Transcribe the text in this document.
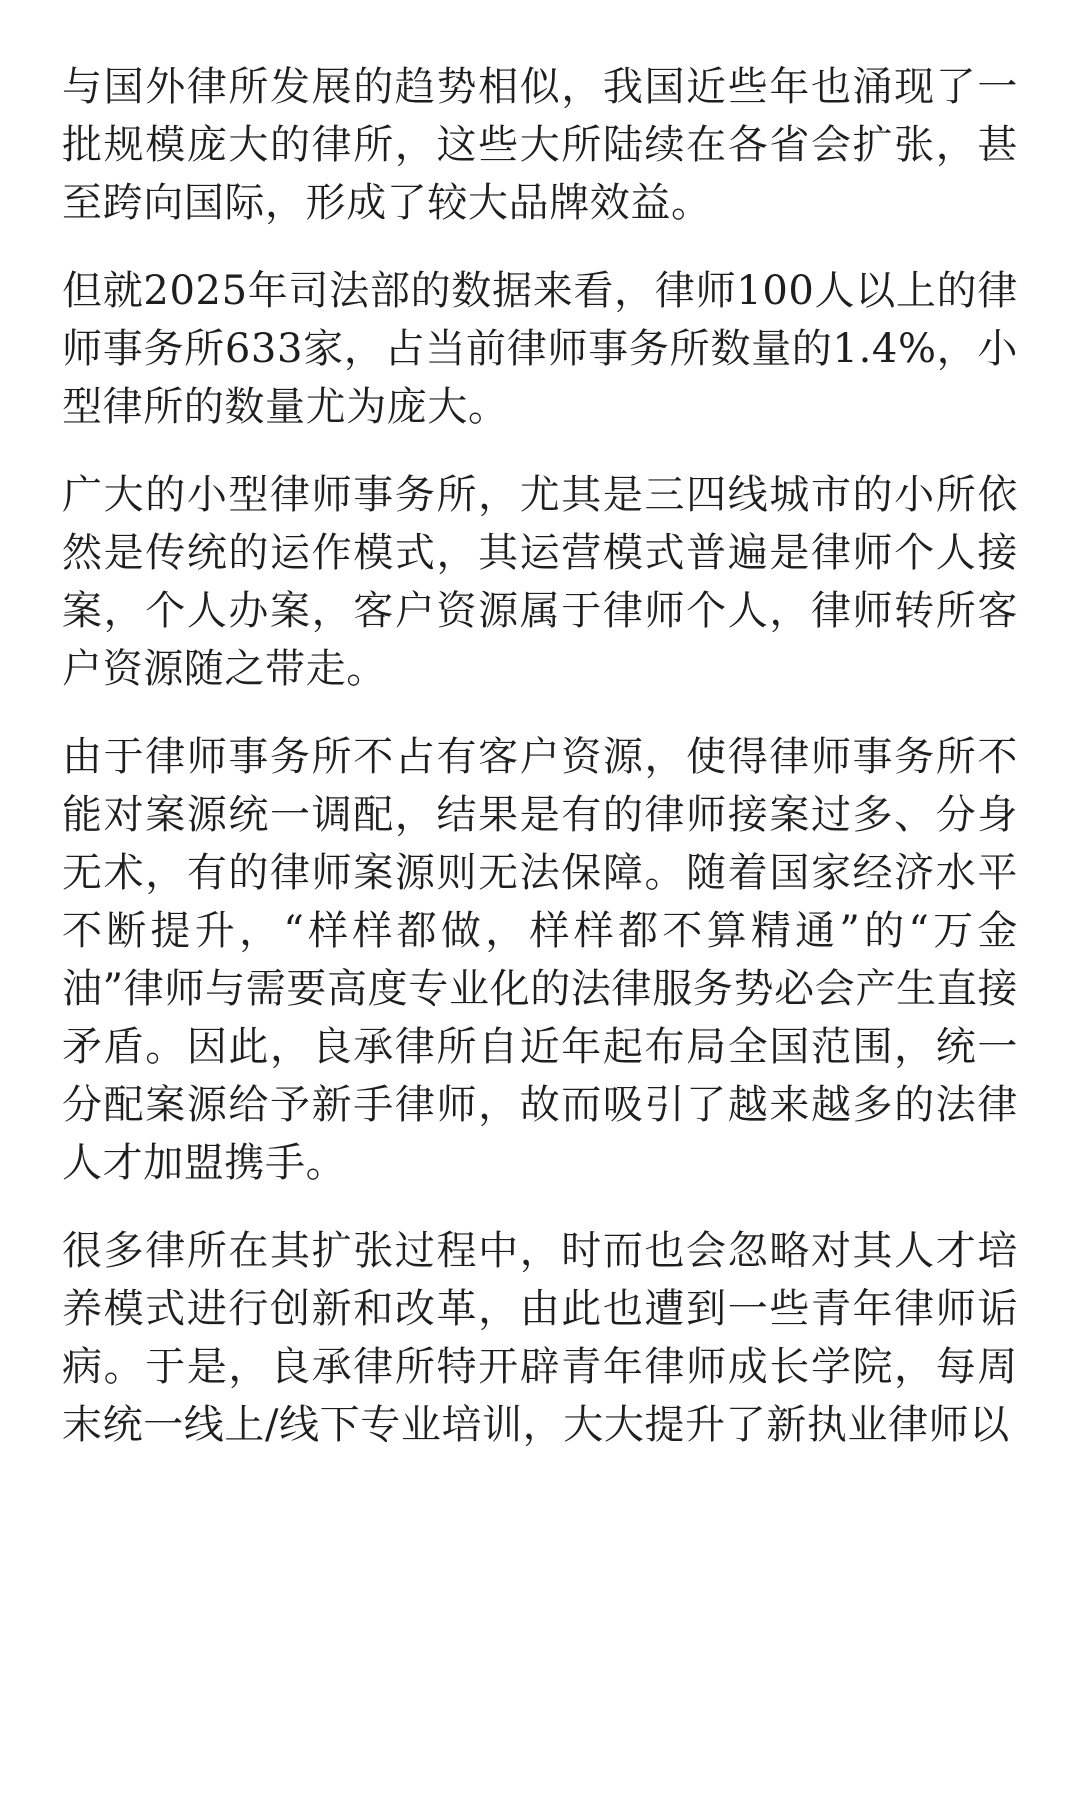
与国外律所发展的趋势相似，我国近些年也涌现了一批规模庞大的律所，这些大所陆续在各省会扩张，甚至跨向国际，形成了较大品牌效益。

但就2025年司法部的数据来看，律师100人以上的律师事务所633家，占当前律师事务所数量的1.4%，小型律所的数量尤为庞大。

广大的小型律师事务所，尤其是三四线城市的小所依然是传统的运作模式，其运营模式普遍是律师个人接案，个人办案，客户资源属于律师个人，律师转所客户资源随之带走。

由于律师事务所不占有客户资源，使得律师事务所不能对案源统一调配，结果是有的律师接案过多、分身无术，有的律师案源则无法保障。随着国家经济水平不断提升，“样样都做，样样都不算精通”的“万金油”律师与需要高度专业化的法律服务势必会产生直接矛盾。因此，良承律所自近年起布局全国范围，统一分配案源给予新手律师，故而吸引了越来越多的法律人才加盟携手。

很多律所在其扩张过程中，时而也会忽略对其人才培养模式进行创新和改革，由此也遭到一些青年律师诟病。于是，良承律所特开辟青年律师成长学院，每周末统一线上/线下专业培训，大大提升了新执业律师以
